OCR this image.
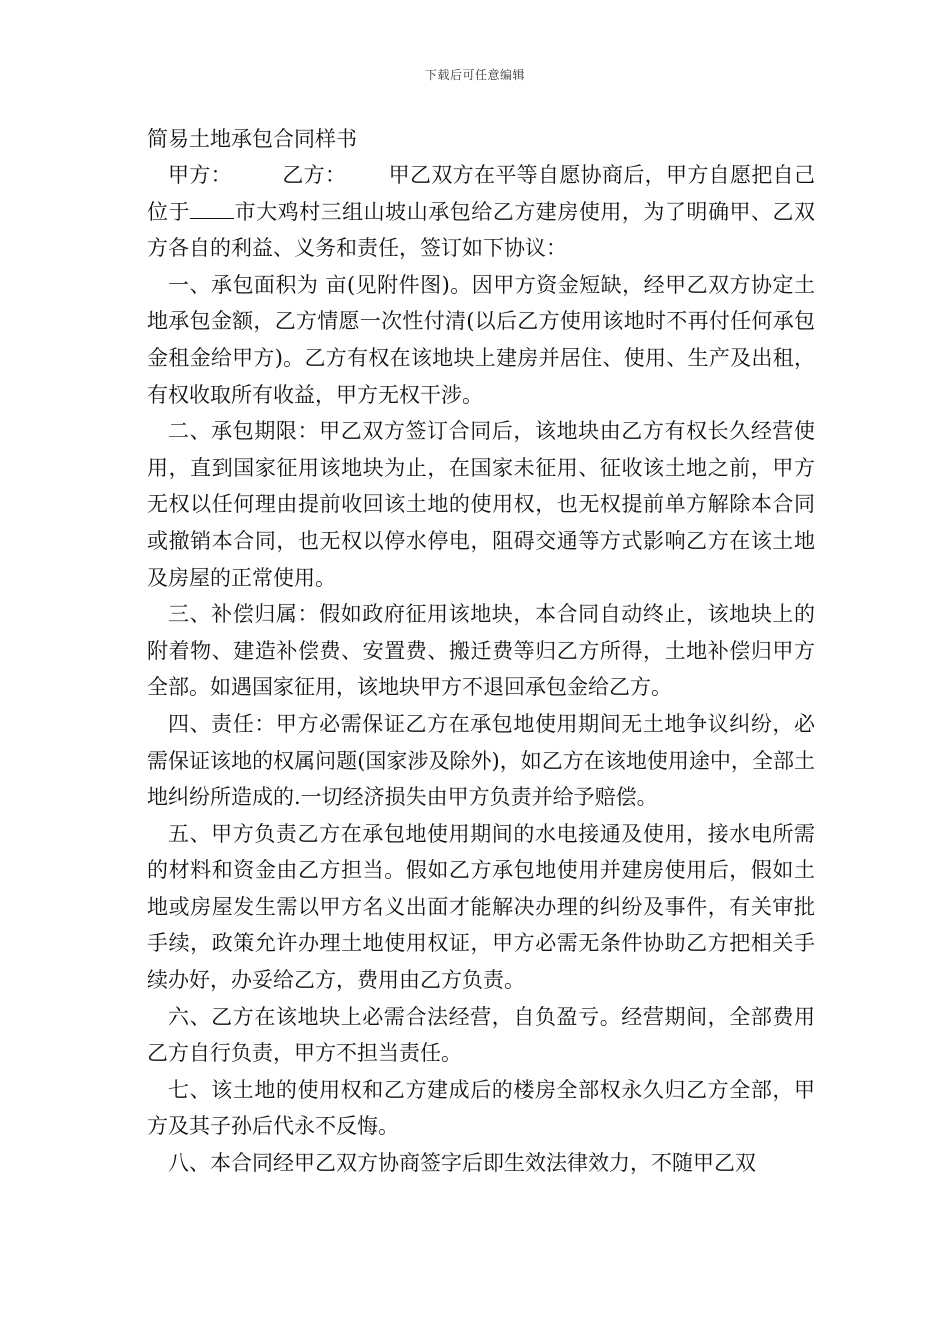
下载后可任意编辑

简易土地承包合同样书

甲方： 乙方： 甲乙双方在平等自愿协商后，甲方自愿把自己位于 市大鸡村三组山坡山承包给乙方建房使用，为了明确甲、乙双方各自的利益、义务和责任，签订如下协议：

一、承包面积为 亩(见附件图)。因甲方资金短缺，经甲乙双方协定土地承包金额，乙方情愿一次性付清(以后乙方使用该地时不再付任何承包金租金给甲方)。乙方有权在该地块上建房并居住、使用、生产及出租，有权收取所有收益，甲方无权干涉。

二、承包期限：甲乙双方签订合同后，该地块由乙方有权长久经营使用，直到国家征用该地块为止，在国家未征用、征收该土地之前，甲方无权以任何理由提前收回该土地的使用权，也无权提前单方解除本合同或撤销本合同，也无权以停水停电，阻碍交通等方式影响乙方在该土地及房屋的正常使用。

三、补偿归属：假如政府征用该地块，本合同自动终止，该地块上的附着物、建造补偿费、安置费、搬迁费等归乙方所得，土地补偿归甲方全部。如遇国家征用，该地块甲方不退回承包金给乙方。

四、责任：甲方必需保证乙方在承包地使用期间无土地争议纠纷，必需保证该地的权属问题(国家涉及除外)，如乙方在该地使用途中，全部土地纠纷所造成的.一切经济损失由甲方负责并给予赔偿。

五、甲方负责乙方在承包地使用期间的水电接通及使用，接水电所需的材料和资金由乙方担当。假如乙方承包地使用并建房使用后，假如土地或房屋发生需以甲方名义出面才能解决办理的纠纷及事件，有关审批手续，政策允许办理土地使用权证，甲方必需无条件协助乙方把相关手续办好，办妥给乙方，费用由乙方负责。

六、乙方在该地块上必需合法经营，自负盈亏。经营期间，全部费用乙方自行负责，甲方不担当责任。

七、该土地的使用权和乙方建成后的楼房全部权永久归乙方全部，甲方及其子孙后代永不反悔。

八、本合同经甲乙双方协商签字后即生效法律效力，不随甲乙双
